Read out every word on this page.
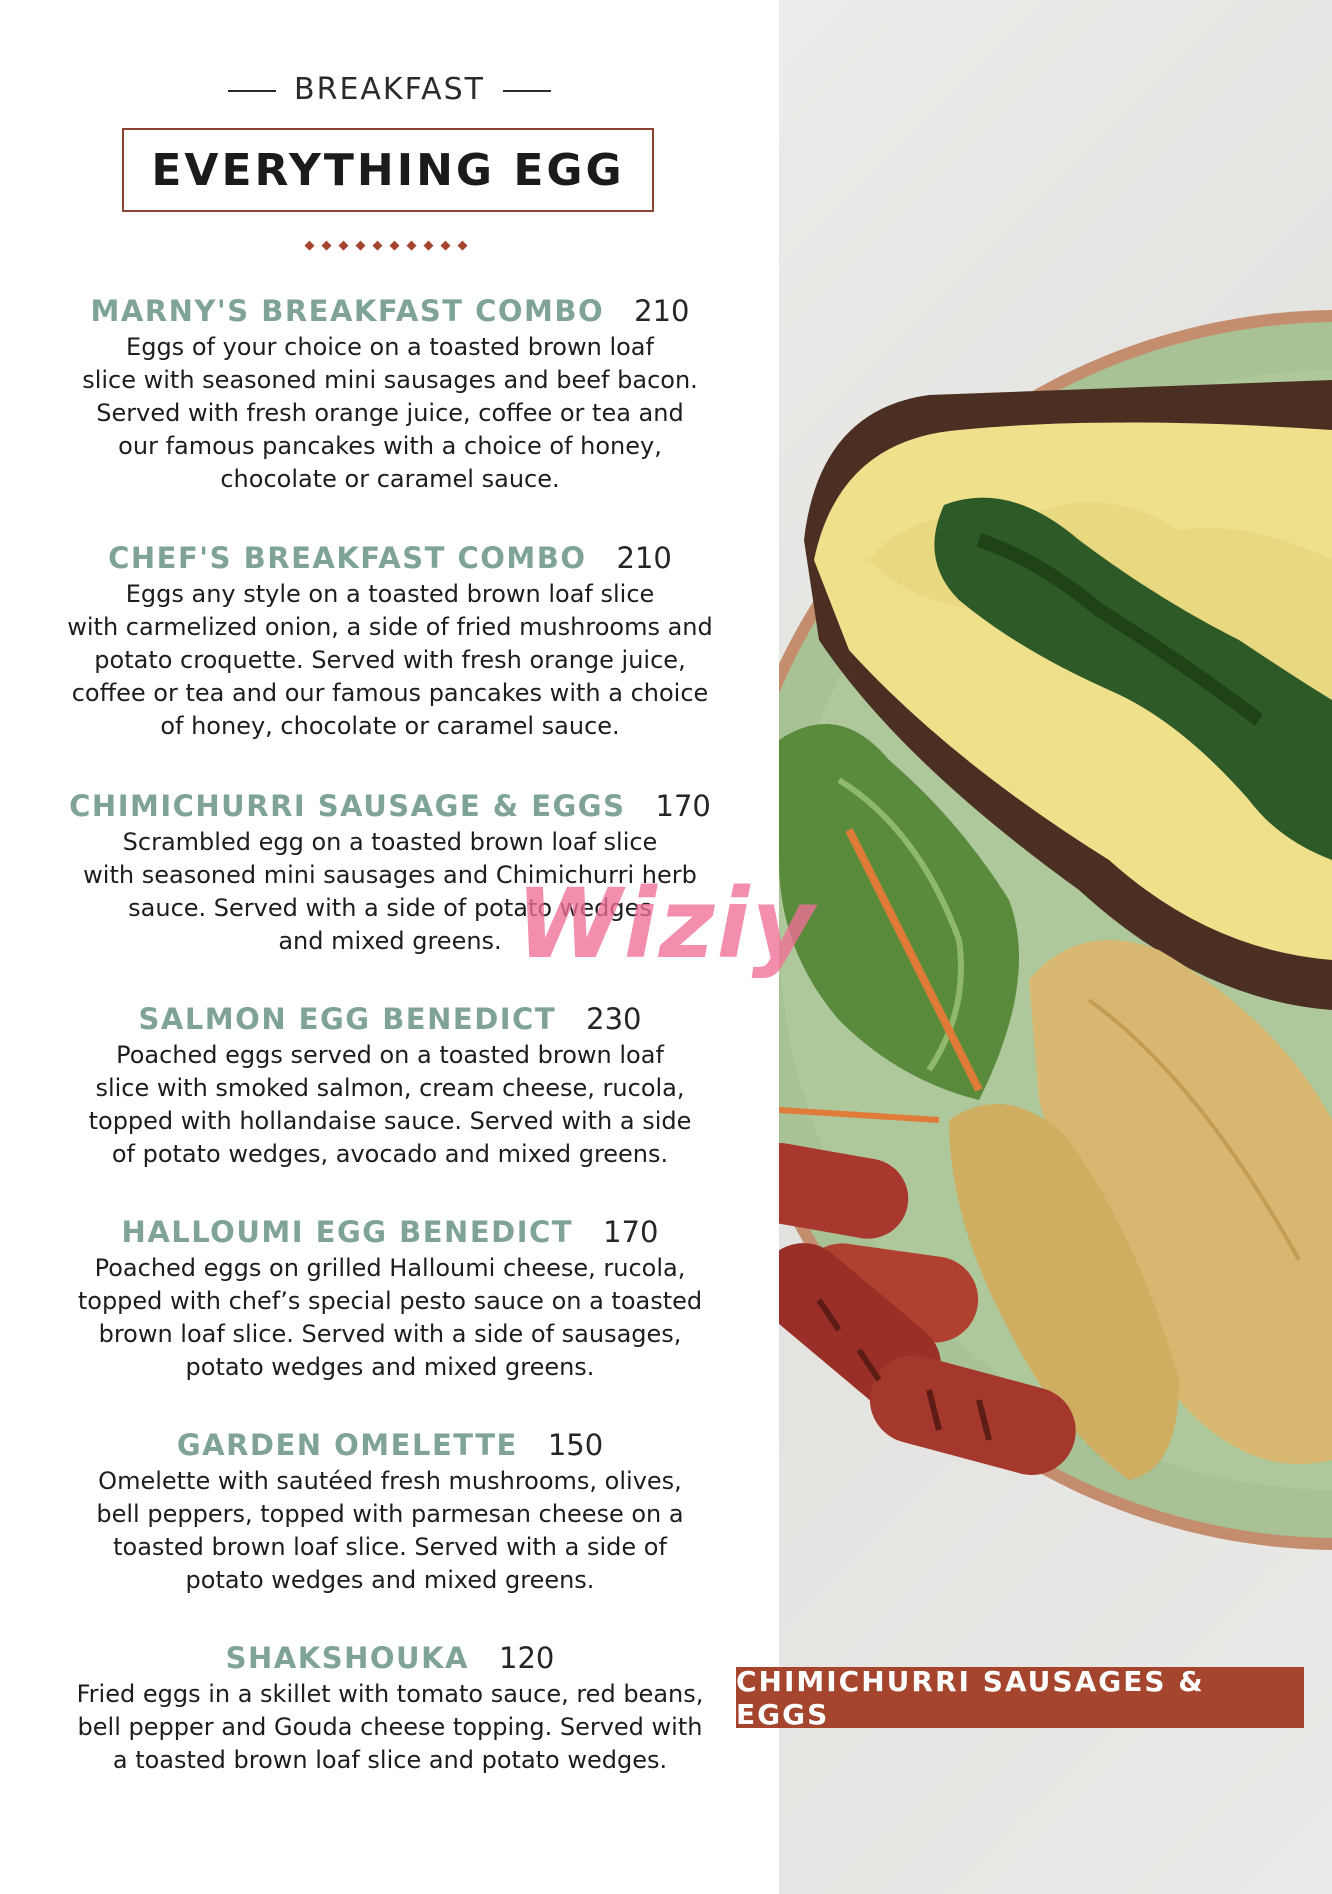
BREAKFAST
EVERYTHING EGG
◆◆◆◆◆◆◆◆◆◆
MARNY'S BREAKFAST COMBO 210
Eggs of your choice on a toasted brown loaf
slice with seasoned mini sausages and beef bacon.
Served with fresh orange juice, coffee or tea and
our famous pancakes with a choice of honey,
chocolate or caramel sauce.
CHEF'S BREAKFAST COMBO 210
Eggs any style on a toasted brown loaf slice
with carmelized onion, a side of fried mushrooms and
potato croquette. Served with fresh orange juice,
coffee or tea and our famous pancakes with a choice
of honey, chocolate or caramel sauce.
CHIMICHURRI SAUSAGE & EGGS 170
Scrambled egg on a toasted brown loaf slice
with seasoned mini sausages and Chimichurri herb
sauce. Served with a side of potato wedges
and mixed greens.
SALMON EGG BENEDICT 230
Poached eggs served on a toasted brown loaf
slice with smoked salmon, cream cheese, rucola,
topped with hollandaise sauce. Served with a side
of potato wedges, avocado and mixed greens.
HALLOUMI EGG BENEDICT 170
Poached eggs on grilled Halloumi cheese, rucola,
topped with chef’s special pesto sauce on a toasted
brown loaf slice. Served with a side of sausages,
potato wedges and mixed greens.
GARDEN OMELETTE 150
Omelette with sautéed fresh mushrooms, olives,
bell peppers, topped with parmesan cheese on a
toasted brown loaf slice. Served with a side of
potato wedges and mixed greens.
SHAKSHOUKA 120
Fried eggs in a skillet with tomato sauce, red beans,
bell pepper and Gouda cheese topping. Served with
a toasted brown loaf slice and potato wedges.
CHIMICHURRI SAUSAGES & EGGS
Wiziy
